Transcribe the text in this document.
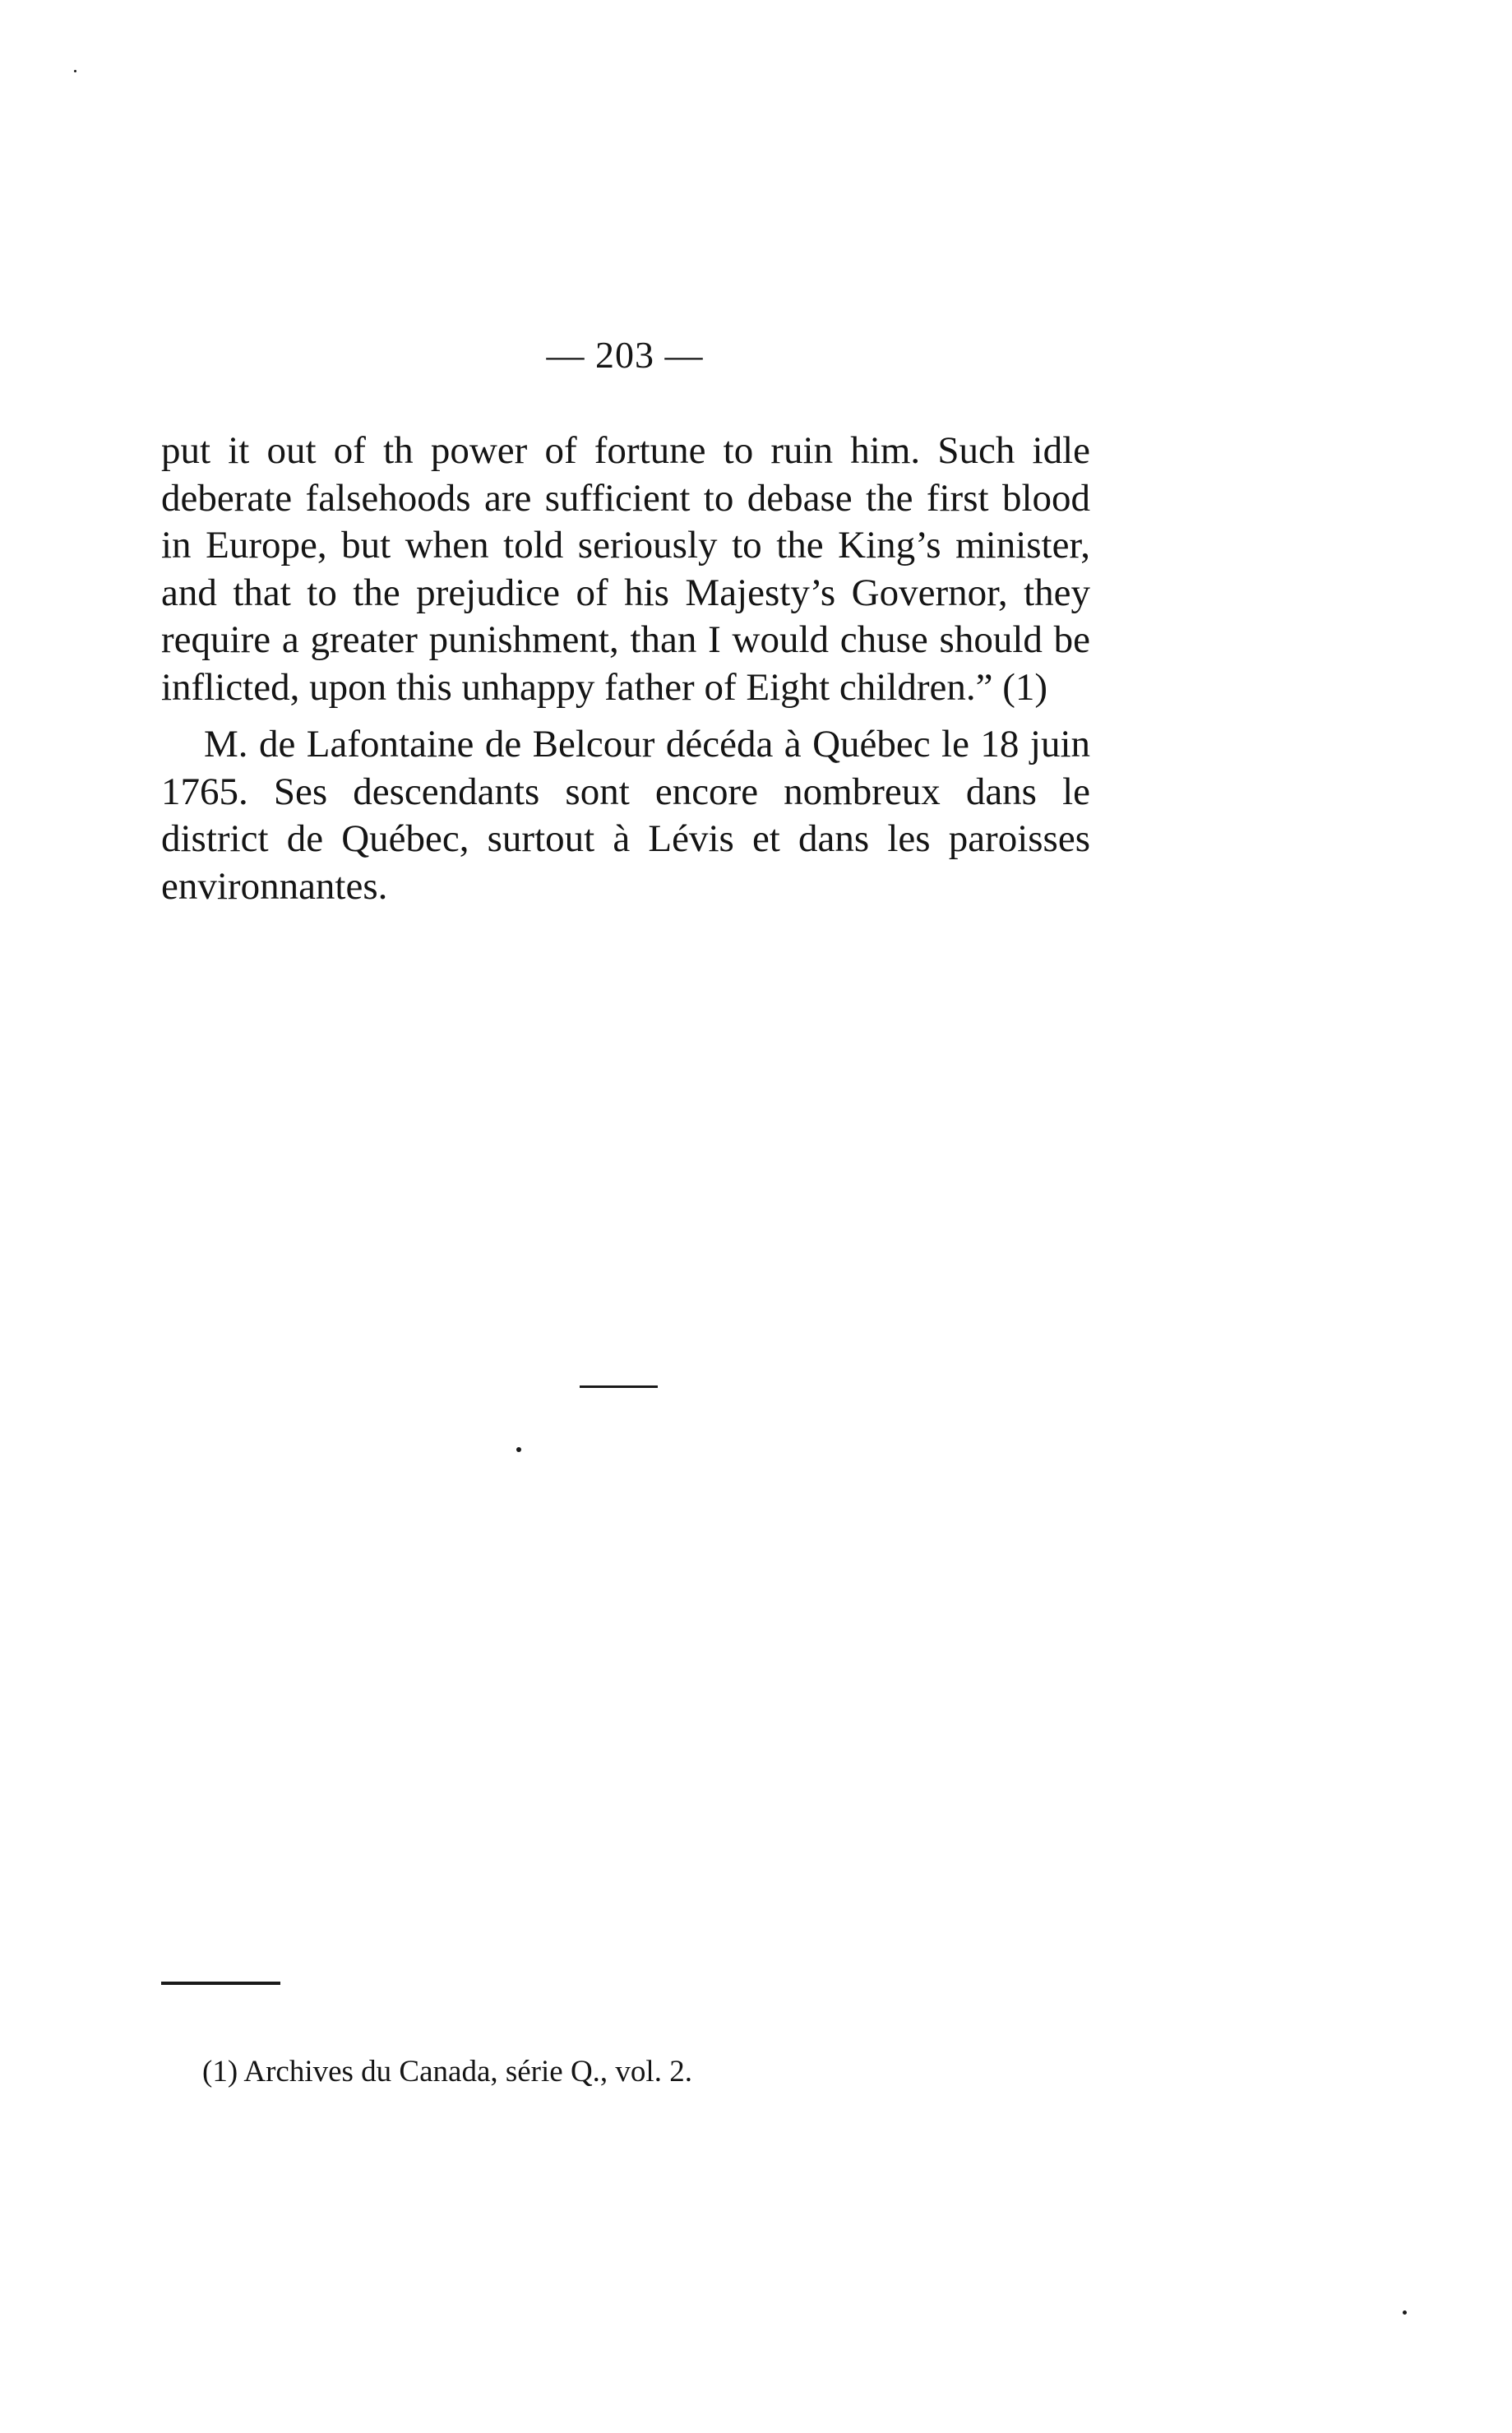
— 203 —

put it out of th power of fortune to ruin him. Such idle deberate falsehoods are sufficient to debase the first blood in Europe, but when told seriously to the King’s minister, and that to the prejudice of his Majesty’s Governor, they require a greater punishment, than I would chuse should be inflicted, upon this unhappy father of Eight children.” (1)

M. de Lafontaine de Belcour décéda à Québec le 18 juin 1765. Ses descendants sont encore nombreux dans le district de Québec, surtout à Lévis et dans les paroisses environnantes.

(1) Archives du Canada, série Q., vol. 2.
